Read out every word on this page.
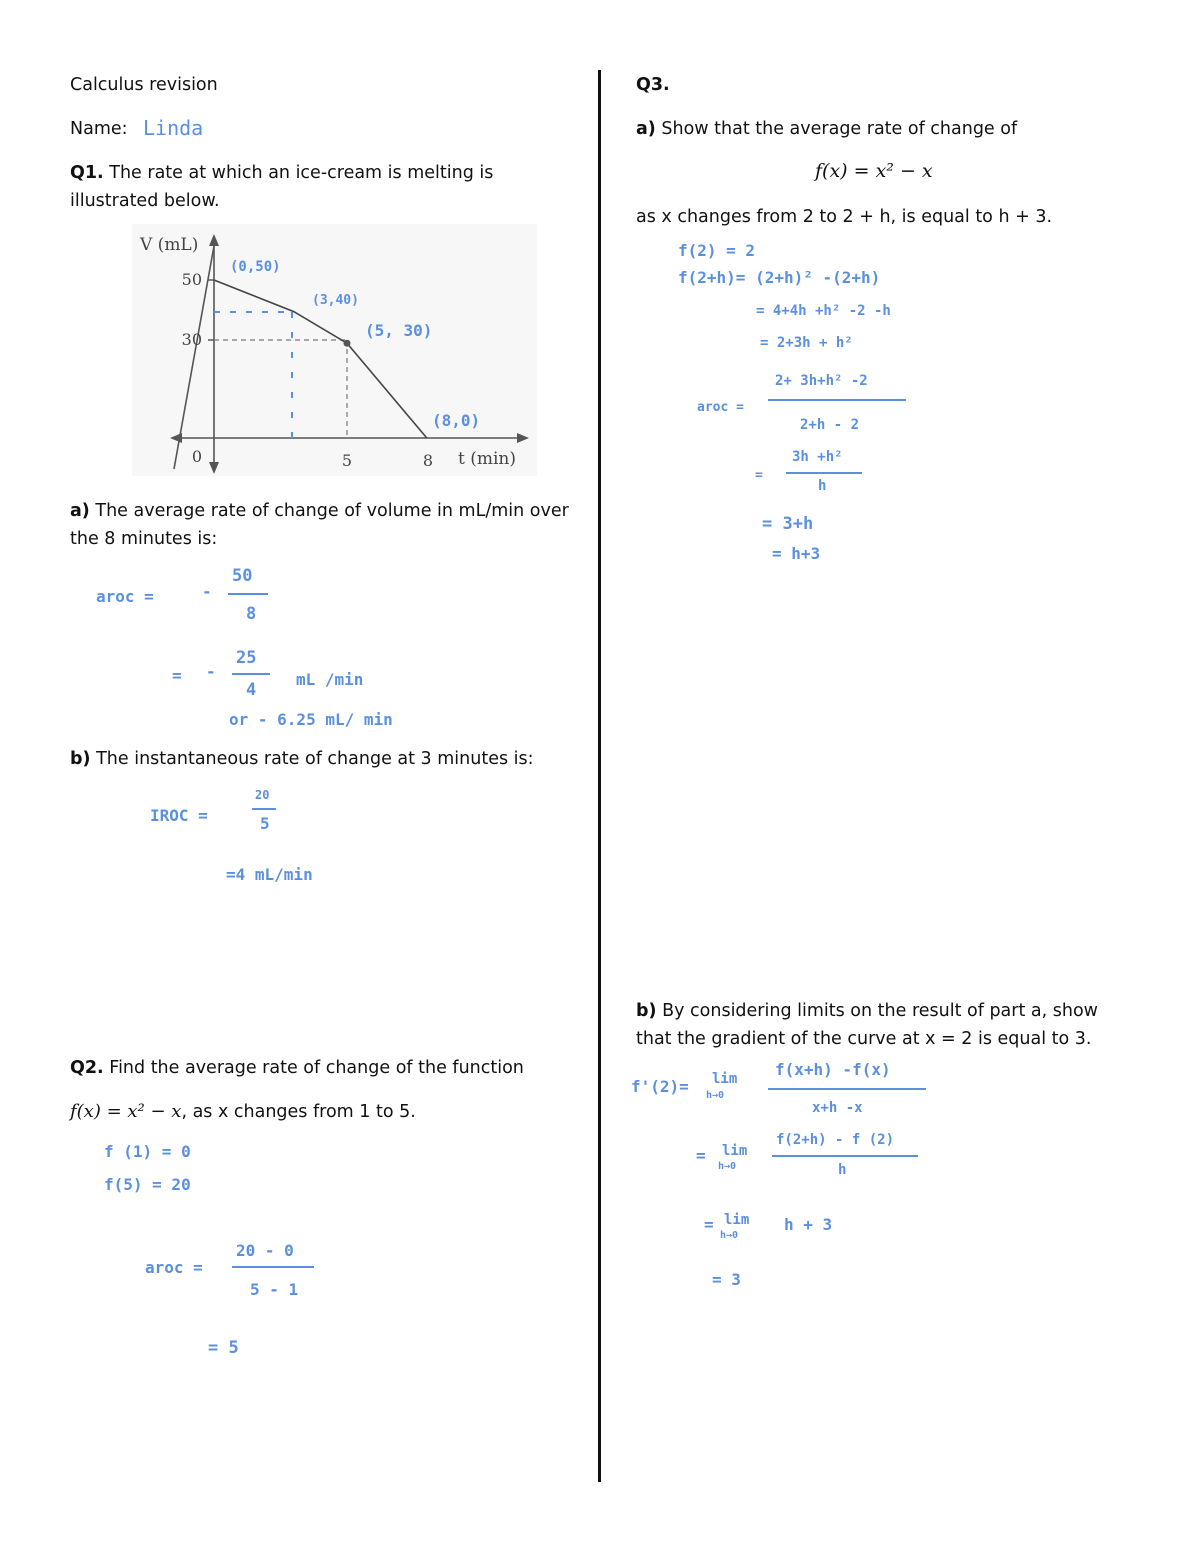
Calculus revision
Name: Linda
Q1. The rate at which an ice-cream is melting is
illustrated below.
V (mL)
50
30
0	5	8 t (min)
(0,50)
(3,40)
(5, 30)
(8,0)
a) The average rate of change of volume in mL/min over
the 8 minutes is:
aroc =	-
50
8
= -
25
4
mL /min
or - 6.25 mL/ min
b) The instantaneous rate of change at 3 minutes is:
IROC =
20
5
=4 mL/min
Q2. Find the average rate of change of the function
f(x) = x² − x, as x changes from 1 to 5.
f (1) = 0
f(5) = 20
aroc =
20 - 0
5 - 1
= 5
Q3.
a) Show that the average rate of change of
f(x) = x² − x
as x changes from 2 to 2 + h, is equal to h + 3.
f(2) = 2
f(2+h)= (2+h)² -(2+h)
= 4+4h +h² -2 -h
= 2+3h + h²
aroc =
2+ 3h+h² -2
2+h - 2
=
3h +h²
h
= 3+h
= h+3
b) By considering limits on the result of part a, show
that the gradient of the curve at x = 2 is equal to 3.
f'(2)= lim
h→0
f(x+h) -f(x)
x+h -x
= lim
h→0
f(2+h) - f (2)
h
= lim
h→0
h + 3
= 3
